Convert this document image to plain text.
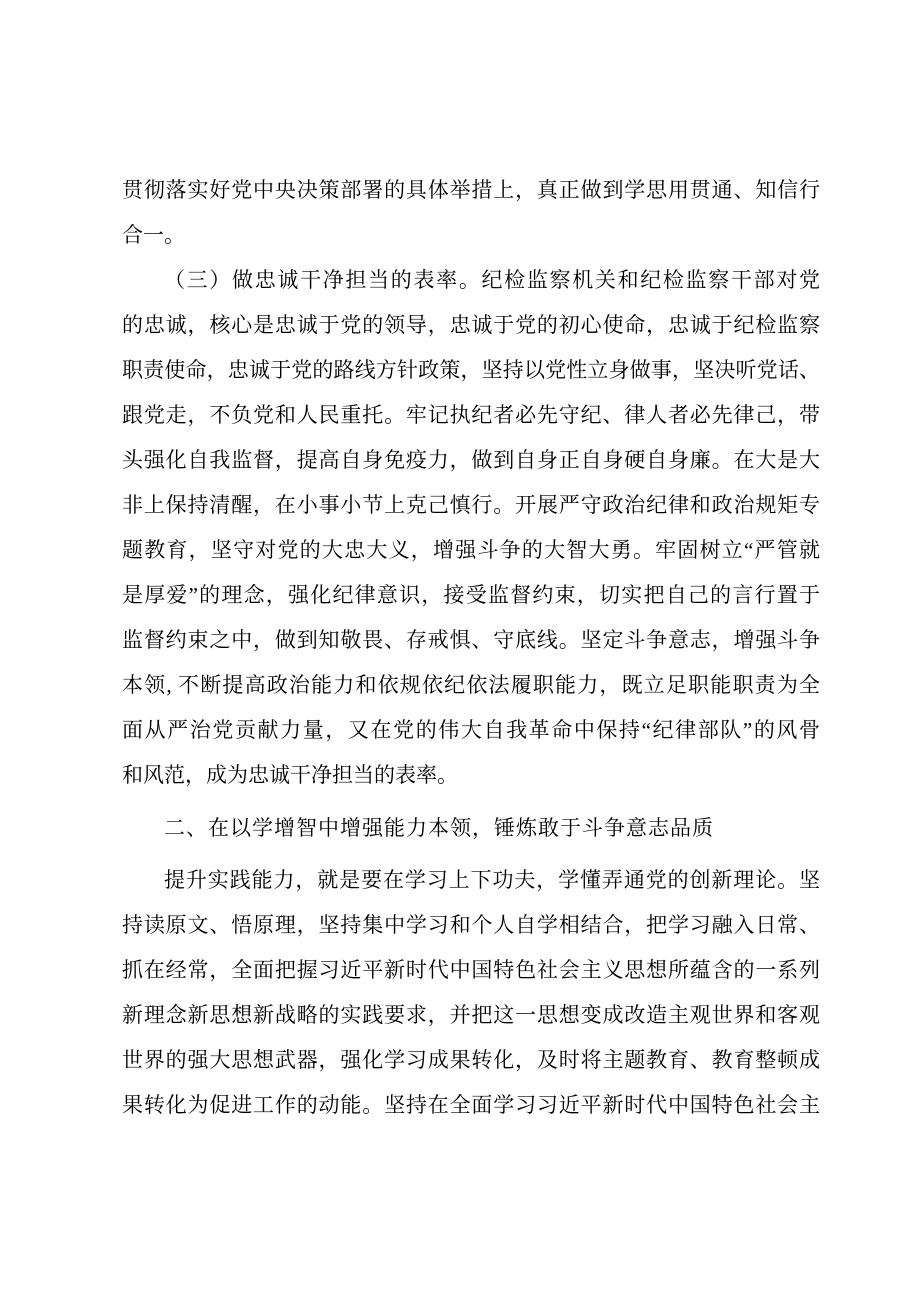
贯彻落实好党中央决策部署的具体举措上，真正做到学思用贯通、知信行
合一。
（三）做忠诚干净担当的表率。纪检监察机关和纪检监察干部对党
的忠诚，核心是忠诚于党的领导，忠诚于党的初心使命，忠诚于纪检监察
职责使命，忠诚于党的路线方针政策，坚持以党性立身做事，坚决听党话、
跟党走，不负党和人民重托。牢记执纪者必先守纪、律人者必先律己，带
头强化自我监督，提高自身免疫力，做到自身正自身硬自身廉。在大是大
非上保持清醒，在小事小节上克己慎行。开展严守政治纪律和政治规矩专
题教育，坚守对党的大忠大义，增强斗争的大智大勇。牢固树立“严管就
是厚爱”的理念，强化纪律意识，接受监督约束，切实把自己的言行置于
监督约束之中，做到知敬畏、存戒惧、守底线。坚定斗争意志，增强斗争
本领, 不断提高政治能力和依规依纪依法履职能力，既立足职能职责为全
面从严治党贡献力量，又在党的伟大自我革命中保持“纪律部队”的风骨
和风范，成为忠诚干净担当的表率。
二、在以学增智中增强能力本领，锤炼敢于斗争意志品质
提升实践能力，就是要在学习上下功夫，学懂弄通党的创新理论。坚
持读原文、悟原理，坚持集中学习和个人自学相结合，把学习融入日常、
抓在经常，全面把握习近平新时代中国特色社会主义思想所蕴含的一系列
新理念新思想新战略的实践要求，并把这一思想变成改造主观世界和客观
世界的强大思想武器，强化学习成果转化，及时将主题教育、教育整顿成
果转化为促进工作的动能。坚持在全面学习习近平新时代中国特色社会主
